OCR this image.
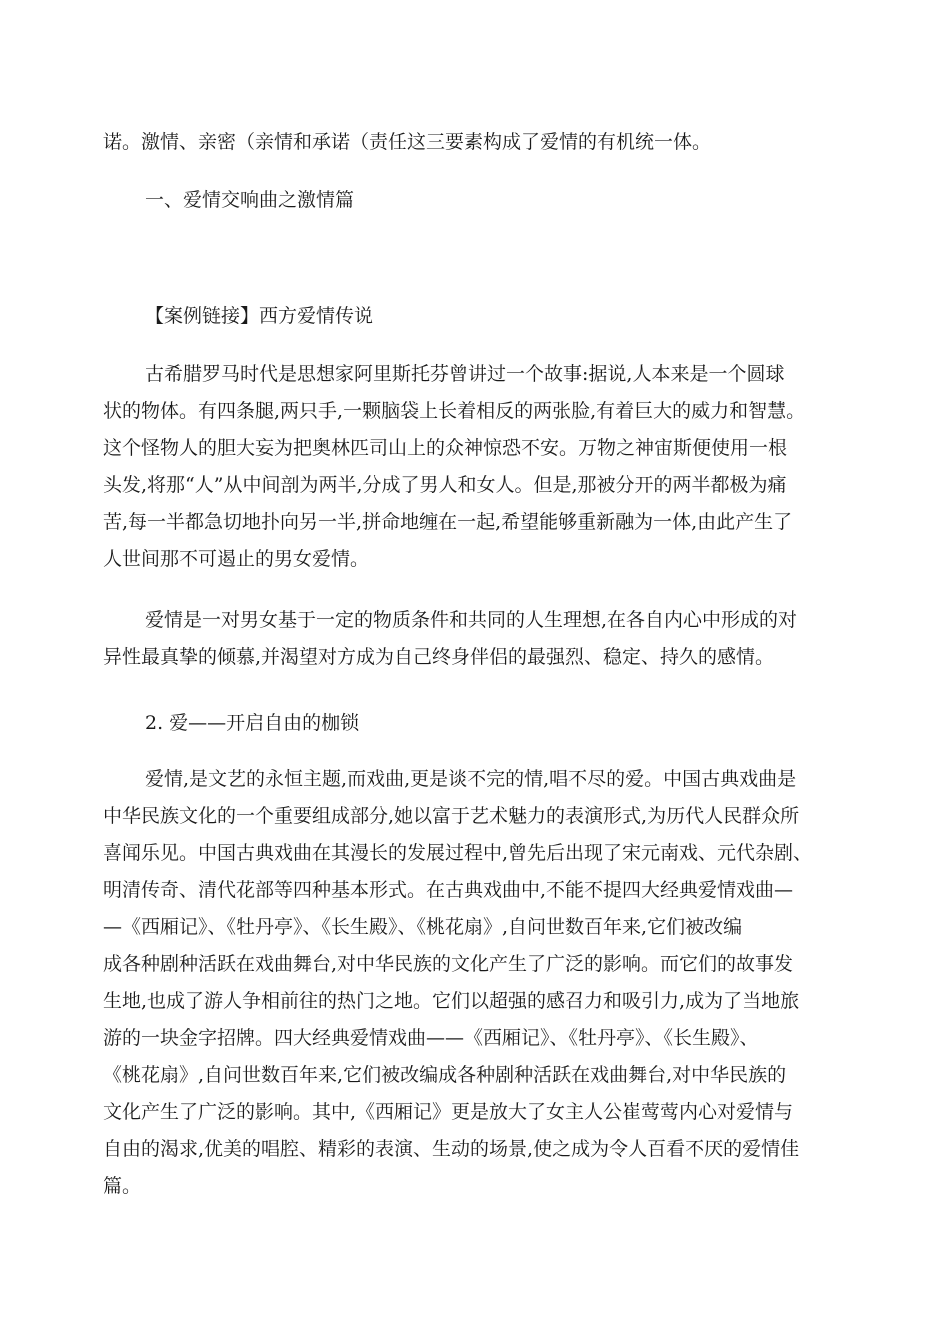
诺。激情、亲密（亲情和承诺（责任这三要素构成了爱情的有机统一体。
一、爱情交响曲之激情篇
【案例链接】西方爱情传说
古希腊罗马时代是思想家阿里斯托芬曾讲过一个故事:据说,人本来是一个圆球
状的物体。有四条腿,两只手,一颗脑袋上长着相反的两张脸,有着巨大的威力和智慧。
这个怪物人的胆大妄为把奥林匹司山上的众神惊恐不安。万物之神宙斯便使用一根
头发,将那“人”从中间剖为两半,分成了男人和女人。但是,那被分开的两半都极为痛
苦,每一半都急切地扑向另一半,拼命地缠在一起,希望能够重新融为一体,由此产生了
人世间那不可遏止的男女爱情。
爱情是一对男女基于一定的物质条件和共同的人生理想,在各自内心中形成的对
异性最真挚的倾慕,并渴望对方成为自己终身伴侣的最强烈、稳定、持久的感情。
2. 爱——开启自由的枷锁
爱情,是文艺的永恒主题,而戏曲,更是谈不完的情,唱不尽的爱。中国古典戏曲是
中华民族文化的一个重要组成部分,她以富于艺术魅力的表演形式,为历代人民群众所
喜闻乐见。中国古典戏曲在其漫长的发展过程中,曾先后出现了宋元南戏、元代杂剧、
明清传奇、清代花部等四种基本形式。在古典戏曲中,不能不提四大经典爱情戏曲—
—《西厢记》、《牡丹亭》、《长生殿》、《桃花扇》,自问世数百年来,它们被改编
成各种剧种活跃在戏曲舞台,对中华民族的文化产生了广泛的影响。而它们的故事发
生地,也成了游人争相前往的热门之地。它们以超强的感召力和吸引力,成为了当地旅
游的一块金字招牌。四大经典爱情戏曲——《西厢记》、《牡丹亭》、《长生殿》、
《桃花扇》,自问世数百年来,它们被改编成各种剧种活跃在戏曲舞台,对中华民族的
文化产生了广泛的影响。其中,《西厢记》更是放大了女主人公崔莺莺内心对爱情与
自由的渴求,优美的唱腔、精彩的表演、生动的场景,使之成为令人百看不厌的爱情佳
篇。
